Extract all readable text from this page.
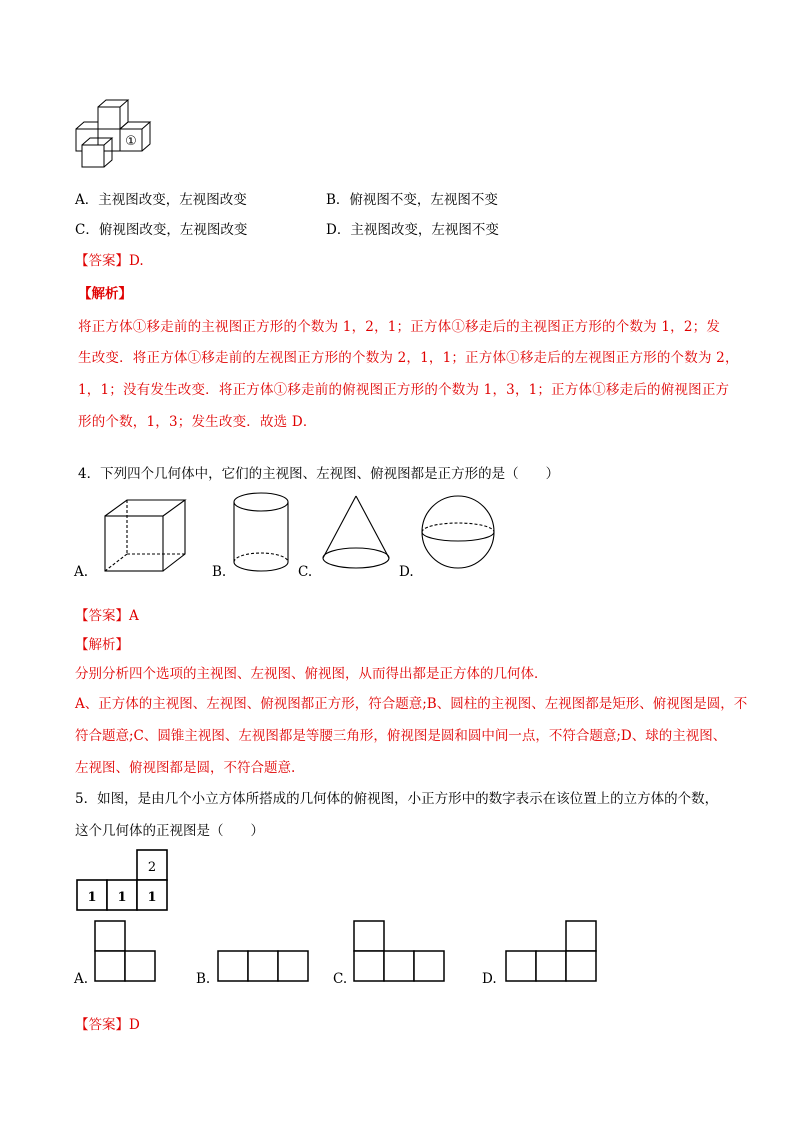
①
A．主视图改变，左视图改变	B．俯视图不变，左视图不变
C．俯视图改变，左视图改变	D．主视图改变，左视图不变
【答案】D.
【解析】
将正方体①移走前的主视图正方形的个数为 1，2，1；正方体①移走后的主视图正方形的个数为 1，2；发
生改变．将正方体①移走前的左视图正方形的个数为 2，1，1；正方体①移走后的左视图正方形的个数为 2，
1，1；没有发生改变．将正方体①移走前的俯视图正方形的个数为 1，3，1；正方体①移走后的俯视图正方
形的个数，1，3；发生改变．故选 D．
4．下列四个几何体中，它们的主视图、左视图、俯视图都是正方形的是（　　）
A.	B.	C.	D.
【答案】A
【解析】
分别分析四个选项的主视图、左视图、俯视图，从而得出都是正方体的几何体．
A、正方体的主视图、左视图、俯视图都正方形，符合题意;B、圆柱的主视图、左视图都是矩形、俯视图是圆，不
符合题意;C、圆锥主视图、左视图都是等腰三角形，俯视图是圆和圆中间一点，不符合题意;D、球的主视图、
左视图、俯视图都是圆，不符合题意.
5．如图，是由几个小立方体所搭成的几何体的俯视图，小正方形中的数字表示在该位置上的立方体的个数，
这个几何体的正视图是（　　）
2
1 1 1
A.	B.	C.	D.
【答案】D
